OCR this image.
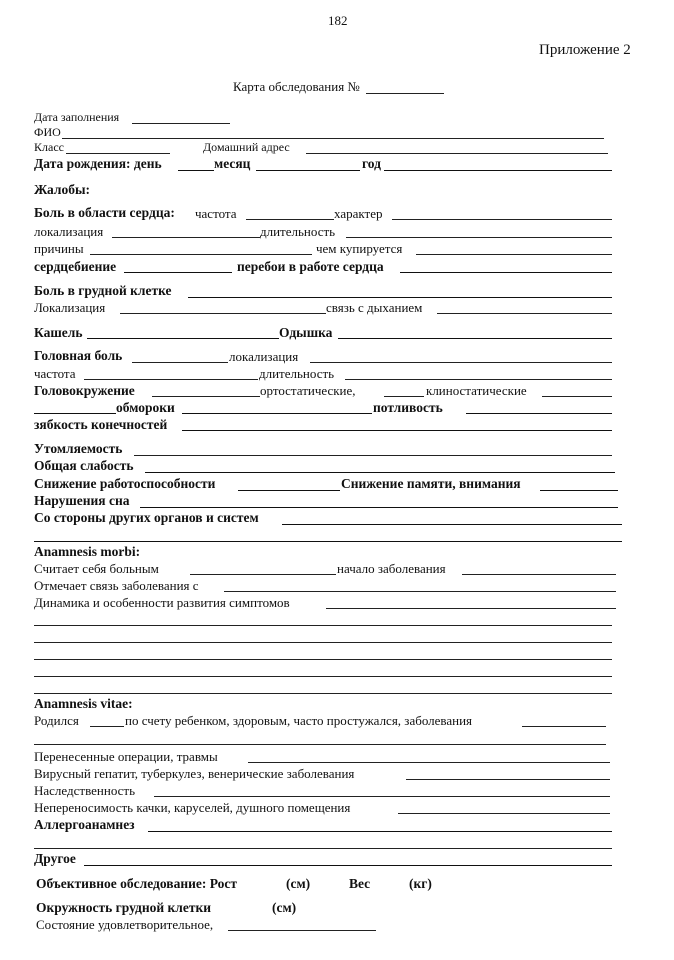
182
Приложение 2
Карта обследования №
Дата заполнения
ФИО
Класс	Домашний адрес
Дата рождения: день	месяц	год
Жалобы:
Боль в области сердца: частота	характер
локализация	длительность
причины	чем купируется
сердцебиение	перебои в работе сердца
Боль в грудной клетке
Локализация	связь с дыханием
Кашель	Одышка
Головная боль	локализация
частота	длительность
Головокружение	ортостатические,	клиностатические
обмороки	потливость
зябкость конечностей
Утомляемость
Общая слабость
Снижение работоспособности	Снижение памяти, внимания
Нарушения сна
Со стороны других органов и систем
Anamnesis morbi:
Считает себя больным	начало заболевания
Отмечает связь заболевания с
Динамика и особенности развития симптомов
Anamnesis vitae:
Родился	по счету ребенком, здоровым, часто простужался, заболевания
Перенесенные операции, травмы
Вирусный гепатит, туберкулез, венерические заболевания
Наследственность
Непереносимость качки, каруселей, душного помещения
Аллергоанамнез
Другое
Объективное обследование: Рост	(см)	Вес	(кг)
Окружность грудной клетки	(см)
Состояние удовлетворительное,
